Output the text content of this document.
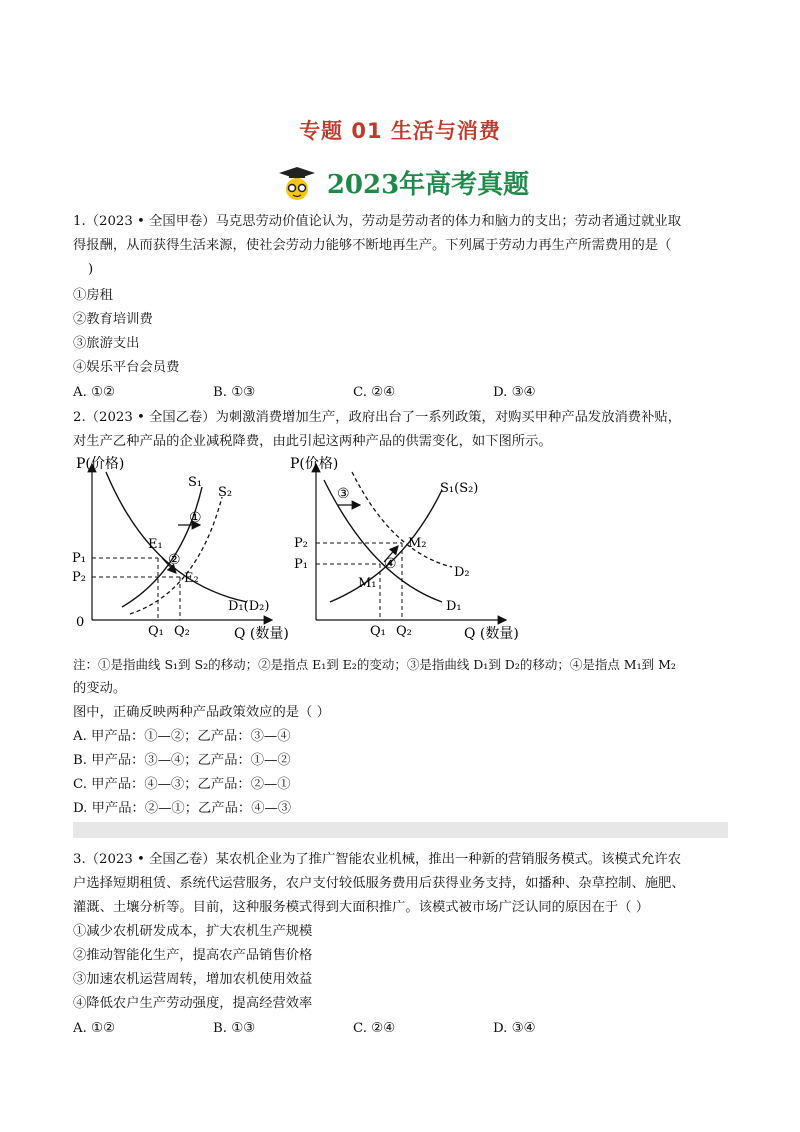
专题 01 生活与消费
2023年高考真题
1.（2023 • 全国甲卷）马克思劳动价值论认为，劳动是劳动者的体力和脑力的支出；劳动者通过就业取
得报酬，从而获得生活来源，使社会劳动力能够不断地再生产。下列属于劳动力再生产所需费用的是（
)
①房租
②教育培训费
③旅游支出
④娱乐平台会员费
A. ①②	B. ①③	C. ②④	D. ③④
2.（2023 • 全国乙卷）为刺激消费增加生产，政府出台了一系列政策，对购买甲种产品发放消费补贴，
对生产乙种产品的企业减税降费，由此引起这两种产品的供需变化，如下图所示。
P(价格)
Q (数量)
0
S₁
S₂
D₁(D₂)
E₁
E₂
P₁
P₂
Q₁ Q₂
①
②
P(价格)
Q (数量)
S₁(S₂)
D₂
D₁
M₁
M₂
P₂
P₁
Q₁ Q₂
③
④
注：①是指曲线 S₁到 S₂的移动；②是指点 E₁到 E₂的变动；③是指曲线 D₁到 D₂的移动；④是指点 M₁到 M₂
的变动。
图中，正确反映两种产品政策效应的是（ ）
A. 甲产品：①—②；乙产品：③—④
B. 甲产品：③—④；乙产品：①—②
C. 甲产品：④—③；乙产品：②—①
D. 甲产品：②—①；乙产品：④—③
3.（2023 • 全国乙卷）某农机企业为了推广智能农业机械，推出一种新的营销服务模式。该模式允许农
户选择短期租赁、系统代运营服务，农户支付较低服务费用后获得业务支持，如播种、杂草控制、施肥、
灌溉、土壤分析等。目前，这种服务模式得到大面积推广。该模式被市场广泛认同的原因在于（ ）
①减少农机研发成本，扩大农机生产规模
②推动智能化生产，提高农产品销售价格
③加速农机运营周转，增加农机使用效益
④降低农户生产劳动强度，提高经营效率
A. ①②	B. ①③	C. ②④	D. ③④
